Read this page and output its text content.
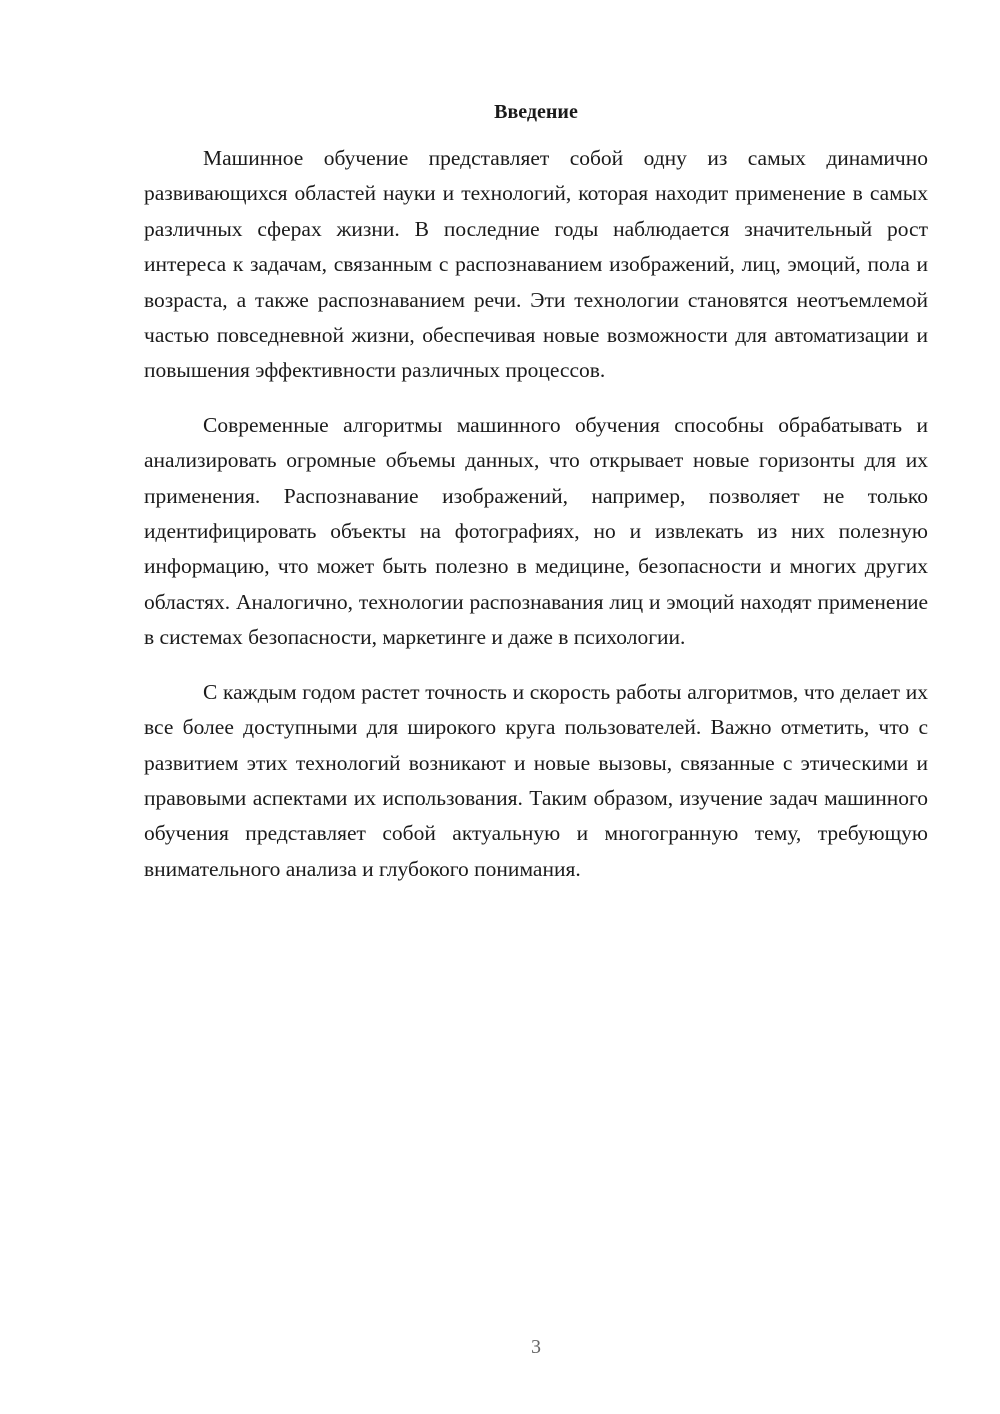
Введение

Машинное обучение представляет собой одну из самых динамично развивающихся областей науки и технологий, которая находит применение в самых различных сферах жизни. В последние годы наблюдается значительный рост интереса к задачам, связанным с распознаванием изображений, лиц, эмоций, пола и возраста, а также распознаванием речи. Эти технологии становятся неотъемлемой частью повседневной жизни, обеспечивая новые возможности для автоматизации и повышения эффективности различных процессов.

Современные алгоритмы машинного обучения способны обрабатывать и анализировать огромные объемы данных, что открывает новые горизонты для их применения. Распознавание изображений, например, позволяет не только идентифицировать объекты на фотографиях, но и извлекать из них полезную информацию, что может быть полезно в медицине, безопасности и многих других областях. Аналогично, технологии распознавания лиц и эмоций находят применение в системах безопасности, маркетинге и даже в психологии.

С каждым годом растет точность и скорость работы алгоритмов, что делает их все более доступными для широкого круга пользователей. Важно отметить, что с развитием этих технологий возникают и новые вызовы, связанные с этическими и правовыми аспектами их использования. Таким образом, изучение задач машинного обучения представляет собой актуальную и многогранную тему, требующую внимательного анализа и глубокого понимания.

3
